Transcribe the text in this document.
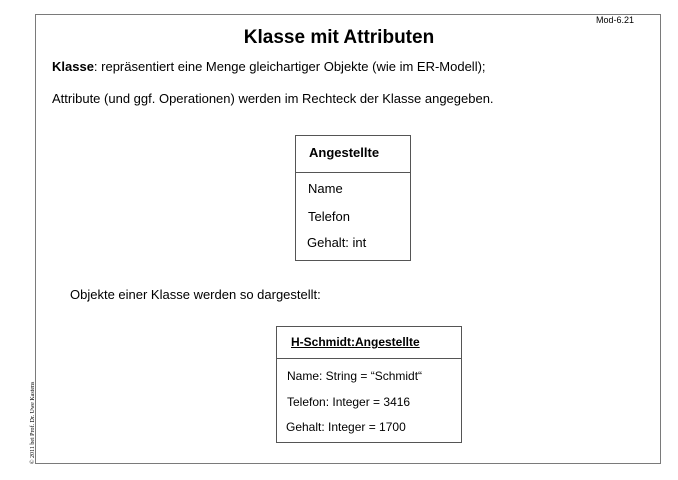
Mod-6.21
Klasse mit Attributen
Klasse: repräsentiert eine Menge gleichartiger Objekte (wie im ER-Modell);
Attribute (und ggf. Operationen) werden im Rechteck der Klasse angegeben.
Angestellte
Name
Telefon
Gehalt: int
Objekte einer Klasse werden so dargestellt:
H-Schmidt:Angestellte
Name: String = “Schmidt“
Telefon: Integer = 3416
Gehalt: Integer = 1700
© 2011 bei Prof. Dr. Uwe Kastens
